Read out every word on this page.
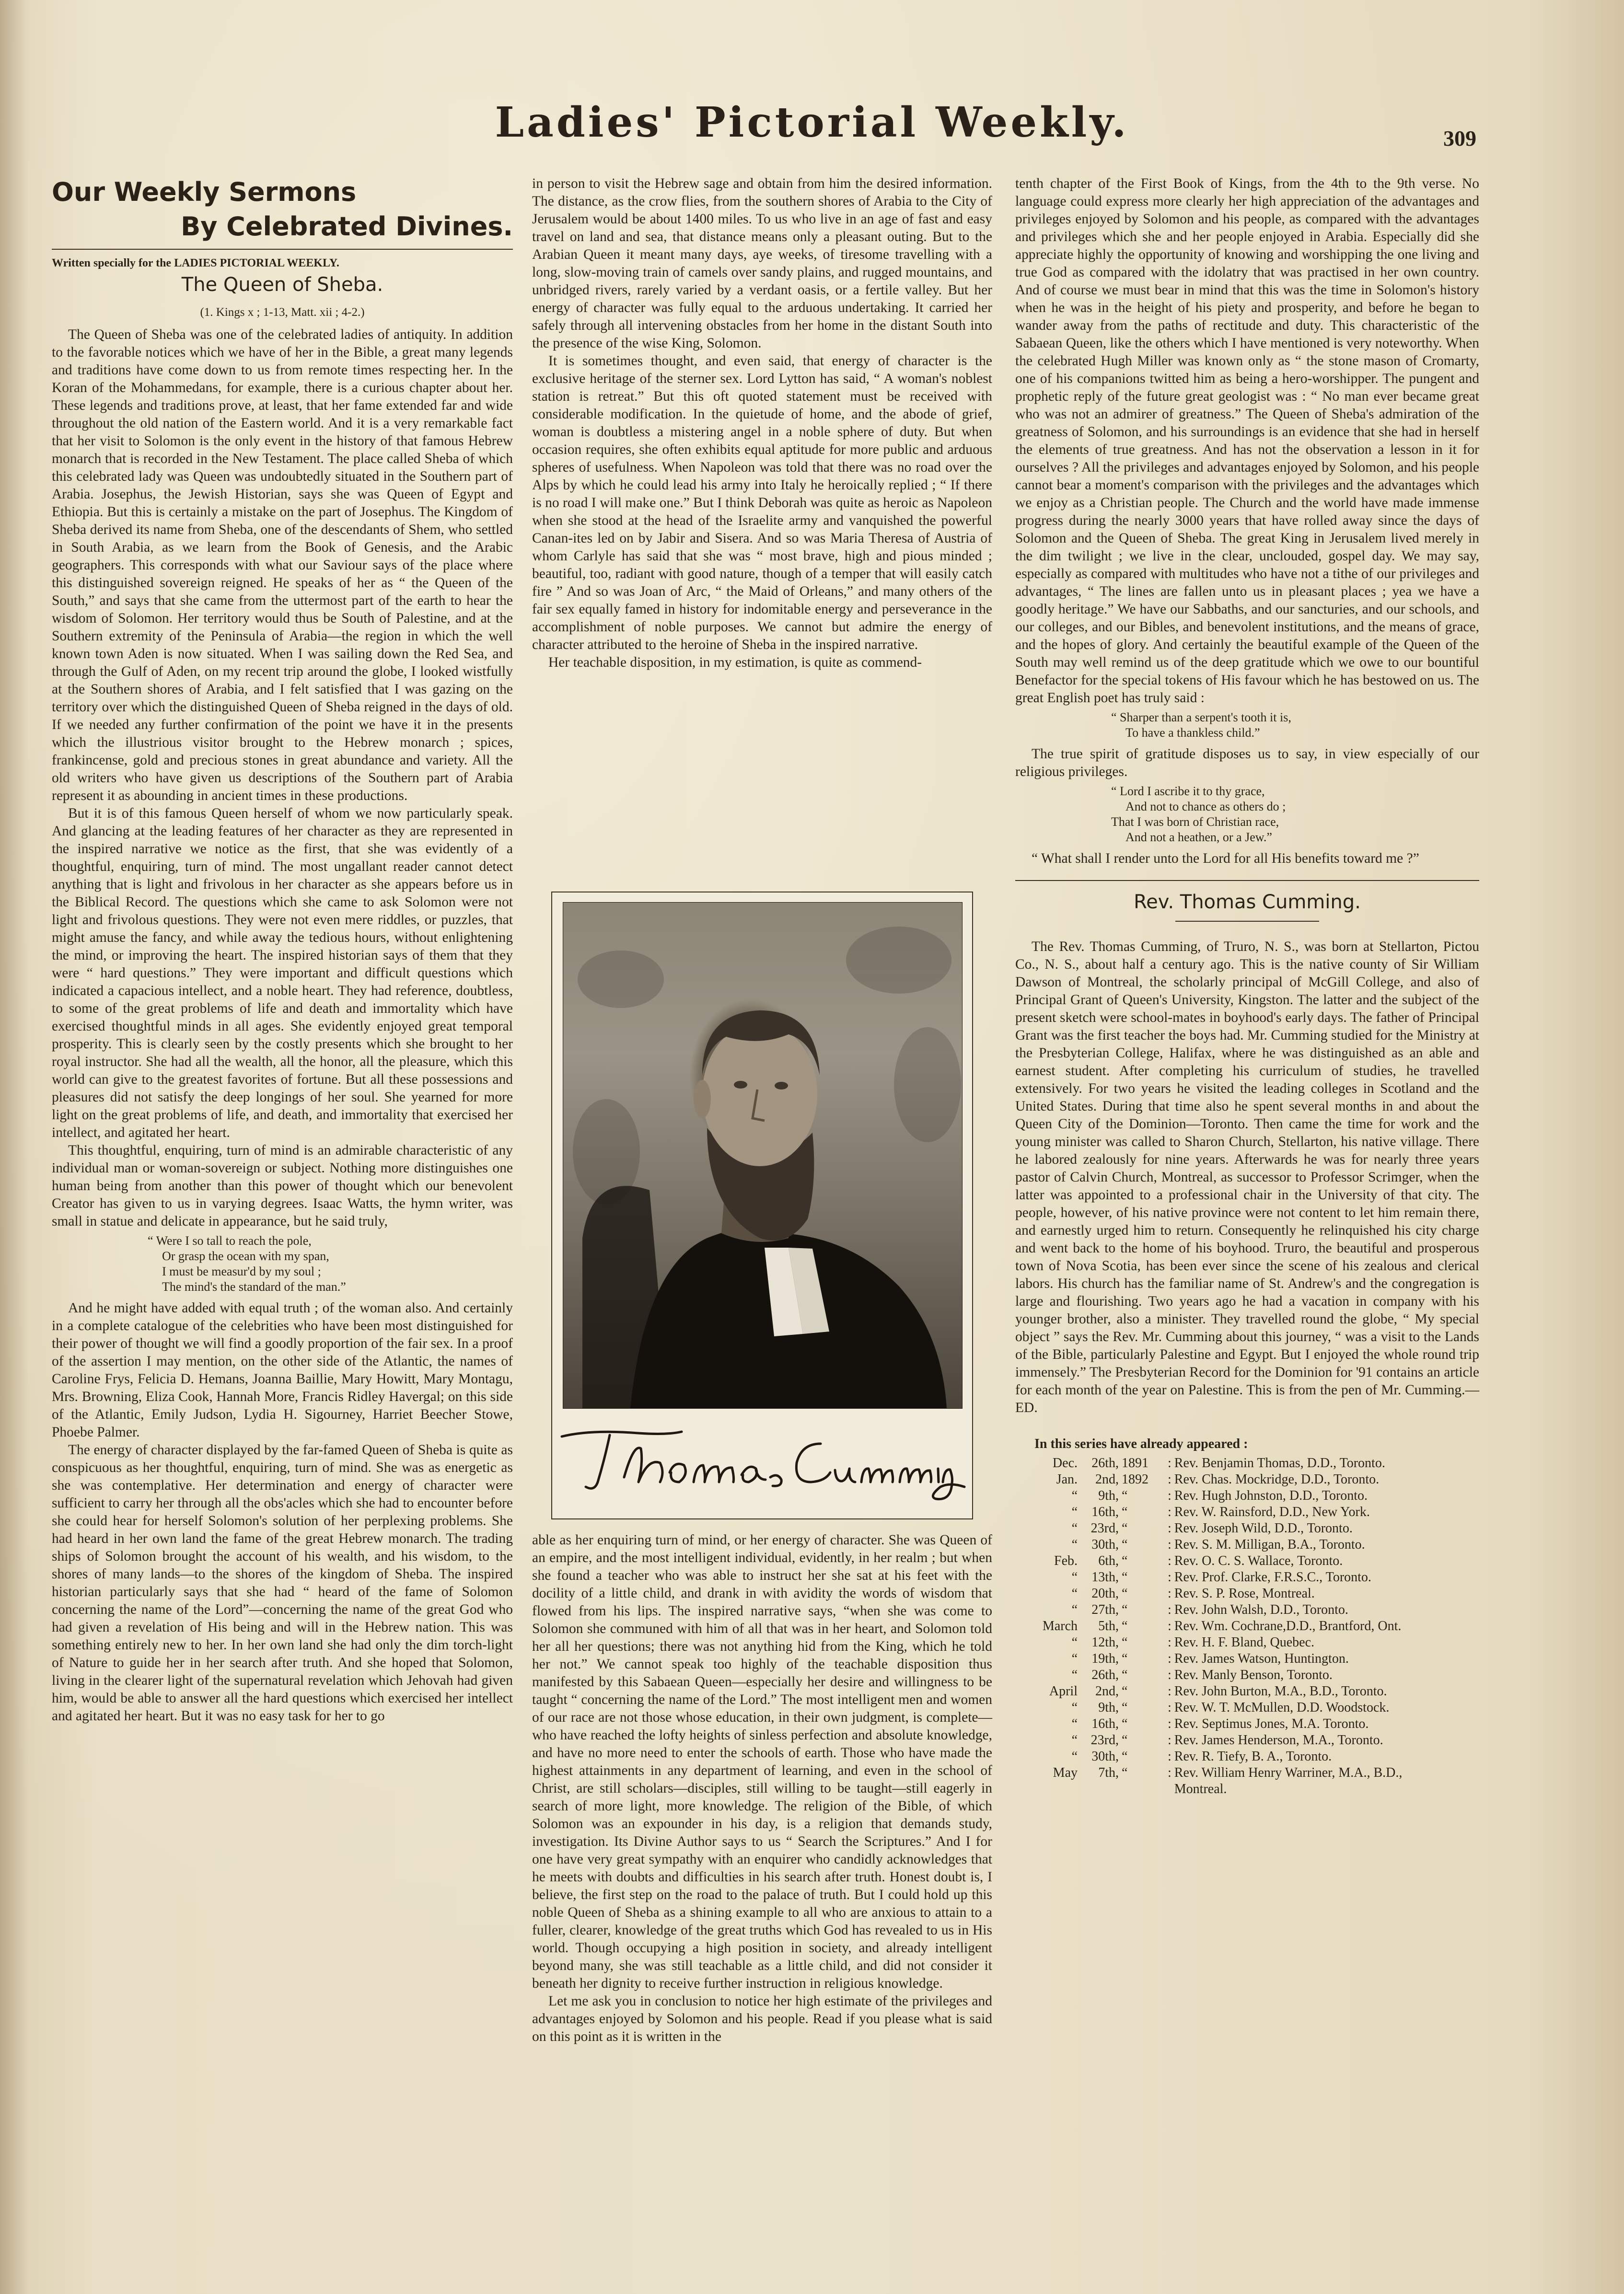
Ladies' Pictorial Weekly.	309
Our Weekly Sermons
By Celebrated Divines.
Written specially for the LADIES PICTORIAL WEEKLY.
The Queen of Sheba.
(1. Kings x ; 1-13, Matt. xii ; 4-2.)

The Queen of Sheba was one of the celebrated ladies of antiquity. In addition to the favorable notices which we have of her in the Bible, a great many legends and traditions have come down to us from remote times respecting her. In the Koran of the Mohammedans, for example, there is a curious chapter about her. These legends and traditions prove, at least, that her fame extended far and wide throughout the old nation of the Eastern world. And it is a very remarkable fact that her visit to Solomon is the only event in the history of that famous Hebrew monarch that is recorded in the New Testament. The place called Sheba of which this celebrated lady was Queen was undoubtedly situated in the Southern part of Arabia. Josephus, the Jewish Historian, says she was Queen of Egypt and Ethiopia. But this is certainly a mistake on the part of Josephus. The Kingdom of Sheba derived its name from Sheba, one of the descendants of Shem, who settled in South Arabia, as we learn from the Book of Genesis, and the Arabic geographers. This corresponds with what our Saviour says of the place where this distinguished sovereign reigned. He speaks of her as “ the Queen of the South,” and says that she came from the uttermost part of the earth to hear the wisdom of Solomon. Her territory would thus be South of Palestine, and at the Southern extremity of the Peninsula of Arabia—the region in which the well known town Aden is now situated. When I was sailing down the Red Sea, and through the Gulf of Aden, on my recent trip around the globe, I looked wistfully at the Southern shores of Arabia, and I felt satisfied that I was gazing on the territory over which the distinguished Queen of Sheba reigned in the days of old. If we needed any further confirmation of the point we have it in the presents which the illustrious visitor brought to the Hebrew monarch ; spices, frankincense, gold and precious stones in great abundance and variety. All the old writers who have given us descriptions of the Southern part of Arabia represent it as abounding in ancient times in these productions.

But it is of this famous Queen herself of whom we now particularly speak. And glancing at the leading features of her character as they are represented in the inspired narrative we notice as the first, that she was evidently of a thoughtful, enquiring, turn of mind. The most ungallant reader cannot detect anything that is light and frivolous in her character as she appears before us in the Biblical Record. The questions which she came to ask Solomon were not light and frivolous questions. They were not even mere riddles, or puzzles, that might amuse the fancy, and while away the tedious hours, without enlightening the mind, or improving the heart. The inspired historian says of them that they were “ hard questions.” They were important and difficult questions which indicated a capacious intellect, and a noble heart. They had reference, doubtless, to some of the great problems of life and death and immortality which have exercised thoughtful minds in all ages. She evidently enjoyed great temporal prosperity. This is clearly seen by the costly presents which she brought to her royal instructor. She had all the wealth, all the honor, all the pleasure, which this world can give to the greatest favorites of fortune. But all these possessions and pleasures did not satisfy the deep longings of her soul. She yearned for more light on the great problems of life, and death, and immortality that exercised her intellect, and agitated her heart.

This thoughtful, enquiring, turn of mind is an admirable characteristic of any individual man or woman-sovereign or subject. Nothing more distinguishes one human being from another than this power of thought which our benevolent Creator has given to us in varying degrees. Isaac Watts, the hymn writer, was small in statue and delicate in appearance, but he said truly,

“ Were I so tall to reach the pole,
Or grasp the ocean with my span,
I must be measur'd by my soul ;
The mind's the standard of the man.”

And he might have added with equal truth ; of the woman also. And certainly in a complete catalogue of the celebrities who have been most distinguished for their power of thought we will find a goodly proportion of the fair sex. In a proof of the assertion I may mention, on the other side of the Atlantic, the names of Caroline Frys, Felicia D. Hemans, Joanna Baillie, Mary Howitt, Mary Montagu, Mrs. Browning, Eliza Cook, Hannah More, Francis Ridley Havergal; on this side of the Atlantic, Emily Judson, Lydia H. Sigourney, Harriet Beecher Stowe, Phoebe Palmer.

The energy of character displayed by the far-famed Queen of Sheba is quite as conspicuous as her thoughtful, enquiring, turn of mind. She was as energetic as she was contemplative. Her determination and energy of character were sufficient to carry her through all the obs'acles which she had to encounter before she could hear for herself Solomon's solution of her perplexing problems. She had heard in her own land the fame of the great Hebrew monarch. The trading ships of Solomon brought the account of his wealth, and his wisdom, to the shores of many lands—to the shores of the kingdom of Sheba. The inspired historian particularly says that she had “ heard of the fame of Solomon concerning the name of the Lord”—concerning the name of the great God who had given a revelation of His being and will in the Hebrew nation. This was something entirely new to her. In her own land she had only the dim torch-light of Nature to guide her in her search after truth. And she hoped that Solomon, living in the clearer light of the supernatural revelation which Jehovah had given him, would be able to answer all the hard questions which exercised her intellect and agitated her heart. But it was no easy task for her to go

in person to visit the Hebrew sage and obtain from him the desired information. The distance, as the crow flies, from the southern shores of Arabia to the City of Jerusalem would be about 1400 miles. To us who live in an age of fast and easy travel on land and sea, that distance means only a pleasant outing. But to the Arabian Queen it meant many days, aye weeks, of tiresome travelling with a long, slow-moving train of camels over sandy plains, and rugged mountains, and unbridged rivers, rarely varied by a verdant oasis, or a fertile valley. But her energy of character was fully equal to the arduous undertaking. It carried her safely through all intervening obstacles from her home in the distant South into the presence of the wise King, Solomon.

It is sometimes thought, and even said, that energy of character is the exclusive heritage of the sterner sex. Lord Lytton has said, “ A woman's noblest station is retreat.” But this oft quoted statement must be received with considerable modification. In the quietude of home, and the abode of grief, woman is doubtless a mistering angel in a noble sphere of duty. But when occasion requires, she often exhibits equal aptitude for more public and arduous spheres of usefulness. When Napoleon was told that there was no road over the Alps by which he could lead his army into Italy he heroically replied ; “ If there is no road I will make one.” But I think Deborah was quite as heroic as Napoleon when she stood at the head of the Israelite army and vanquished the powerful Canan-ites led on by Jabir and Sisera. And so was Maria Theresa of Austria of whom Carlyle has said that she was “ most brave, high and pious minded ; beautiful, too, radiant with good nature, though of a temper that will easily catch fire ” And so was Joan of Arc, “ the Maid of Orleans,” and many others of the fair sex equally famed in history for indomitable energy and perseverance in the accomplishment of noble purposes. We cannot but admire the energy of character attributed to the heroine of Sheba in the inspired narrative.

Her teachable disposition, in my estimation, is quite as commend-

able as her enquiring turn of mind, or her energy of character. She was Queen of an empire, and the most intelligent individual, evidently, in her realm ; but when she found a teacher who was able to instruct her she sat at his feet with the docility of a little child, and drank in with avidity the words of wisdom that flowed from his lips. The inspired narrative says, “when she was come to Solomon she communed with him of all that was in her heart, and Solomon told her all her questions; there was not anything hid from the King, which he told her not.” We cannot speak too highly of the teachable disposition thus manifested by this Sabaean Queen—especially her desire and willingness to be taught “ concerning the name of the Lord.” The most intelligent men and women of our race are not those whose education, in their own judgment, is complete—who have reached the lofty heights of sinless perfection and absolute knowledge, and have no more need to enter the schools of earth. Those who have made the highest attainments in any department of learning, and even in the school of Christ, are still scholars—disciples, still willing to be taught—still eagerly in search of more light, more knowledge. The religion of the Bible, of which Solomon was an expounder in his day, is a religion that demands study, investigation. Its Divine Author says to us “ Search the Scriptures.” And I for one have very great sympathy with an enquirer who candidly acknowledges that he meets with doubts and difficulties in his search after truth. Honest doubt is, I believe, the first step on the road to the palace of truth. But I could hold up this noble Queen of Sheba as a shining example to all who are anxious to attain to a fuller, clearer, knowledge of the great truths which God has revealed to us in His world. Though occupying a high position in society, and already intelligent beyond many, she was still teachable as a little child, and did not consider it beneath her dignity to receive further instruction in religious knowledge.

Let me ask you in conclusion to notice her high estimate of the privileges and advantages enjoyed by Solomon and his people. Read if you please what is said on this point as it is written in the

tenth chapter of the First Book of Kings, from the 4th to the 9th verse. No language could express more clearly her high appreciation of the advantages and privileges enjoyed by Solomon and his people, as compared with the advantages and privileges which she and her people enjoyed in Arabia. Especially did she appreciate highly the opportunity of knowing and worshipping the one living and true God as compared with the idolatry that was practised in her own country. And of course we must bear in mind that this was the time in Solomon's history when he was in the height of his piety and prosperity, and before he began to wander away from the paths of rectitude and duty. This characteristic of the Sabaean Queen, like the others which I have mentioned is very noteworthy. When the celebrated Hugh Miller was known only as “ the stone mason of Cromarty, one of his companions twitted him as being a hero-worshipper. The pungent and prophetic reply of the future great geologist was : “ No man ever became great who was not an admirer of greatness.” The Queen of Sheba's admiration of the greatness of Solomon, and his surroundings is an evidence that she had in herself the elements of true greatness. And has not the observation a lesson in it for ourselves ? All the privileges and advantages enjoyed by Solomon, and his people cannot bear a moment's comparison with the privileges and the advantages which we enjoy as a Christian people. The Church and the world have made immense progress during the nearly 3000 years that have rolled away since the days of Solomon and the Queen of Sheba. The great King in Jerusalem lived merely in the dim twilight ; we live in the clear, unclouded, gospel day. We may say, especially as compared with multitudes who have not a tithe of our privileges and advantages, “ The lines are fallen unto us in pleasant places ; yea we have a goodly heritage.” We have our Sabbaths, and our sancturies, and our schools, and our colleges, and our Bibles, and benevolent institutions, and the means of grace, and the hopes of glory. And certainly the beautiful example of the Queen of the South may well remind us of the deep gratitude which we owe to our bountiful Benefactor for the special tokens of His favour which he has bestowed on us. The great English poet has truly said :

“ Sharper than a serpent's tooth it is,
To have a thankless child.”

The true spirit of gratitude disposes us to say, in view especially of our religious privileges.

“ Lord I ascribe it to thy grace,
And not to chance as others do ;
That I was born of Christian race,
And not a heathen, or a Jew.”

“ What shall I render unto the Lord for all His benefits toward me ?”

Rev. Thomas Cumming.

The Rev. Thomas Cumming, of Truro, N. S., was born at Stellarton, Pictou Co., N. S., about half a century ago. This is the native county of Sir William Dawson of Montreal, the scholarly principal of McGill College, and also of Principal Grant of Queen's University, Kingston. The latter and the subject of the present sketch were school-mates in boyhood's early days. The father of Principal Grant was the first teacher the boys had. Mr. Cumming studied for the Ministry at the Presbyterian College, Halifax, where he was distinguished as an able and earnest student. After completing his curriculum of studies, he travelled extensively. For two years he visited the leading colleges in Scotland and the United States. During that time also he spent several months in and about the Queen City of the Dominion—Toronto. Then came the time for work and the young minister was called to Sharon Church, Stellarton, his native village. There he labored zealously for nine years. Afterwards he was for nearly three years pastor of Calvin Church, Montreal, as successor to Professor Scrimger, when the latter was appointed to a professional chair in the University of that city. The people, however, of his native province were not content to let him remain there, and earnestly urged him to return. Consequently he relinquished his city charge and went back to the home of his boyhood. Truro, the beautiful and prosperous town of Nova Scotia, has been ever since the scene of his zealous and clerical labors. His church has the familiar name of St. Andrew's and the congregation is large and flourishing. Two years ago he had a vacation in company with his younger brother, also a minister. They travelled round the globe, “ My special object ” says the Rev. Mr. Cumming about this journey, “ was a visit to the Lands of the Bible, particularly Palestine and Egypt. But I enjoyed the whole round trip immensely.” The Presbyterian Record for the Dominion for '91 contains an article for each month of the year on Palestine. This is from the pen of Mr. Cumming.—ED.

In this series have already appeared :
Dec.	26th,	1891	:	Rev. Benjamin Thomas, D.D., Toronto.
Jan.	2nd,	1892	:	Rev. Chas. Mockridge, D.D., Toronto.
“	9th,	“	:	Rev. Hugh Johnston, D.D., Toronto.
“	16th,	“	:	Rev. W. Rainsford, D.D., New York.
“	23rd,	“	:	Rev. Joseph Wild, D.D., Toronto.
“	30th,	“	:	Rev. S. M. Milligan, B.A., Toronto.
Feb.	6th,	“	:	Rev. O. C. S. Wallace, Toronto.
“	13th,	“	:	Rev. Prof. Clarke, F.R.S.C., Toronto.
“	20th,	“	:	Rev. S. P. Rose, Montreal.
“	27th,	“	:	Rev. John Walsh, D.D., Toronto.
March	5th,	“	:	Rev. Wm. Cochrane,D.D., Brantford, Ont.
“	12th,	“	:	Rev. H. F. Bland, Quebec.
“	19th,	“	:	Rev. James Watson, Huntington.
“	26th,	“	:	Rev. Manly Benson, Toronto.
April	2nd,	“	:	Rev. John Burton, M.A., B.D., Toronto.
“	9th,	“	:	Rev. W. T. McMullen, D.D. Woodstock.
“	16th,	“	:	Rev. Septimus Jones, M.A. Toronto.
“	23rd,	“	:	Rev. James Henderson, M.A., Toronto.
“	30th,	“	:	Rev. R. Tiefy, B. A., Toronto.
May	7th,	“	:	Rev. William Henry Warriner, M.A., B.D.,
				Montreal.
